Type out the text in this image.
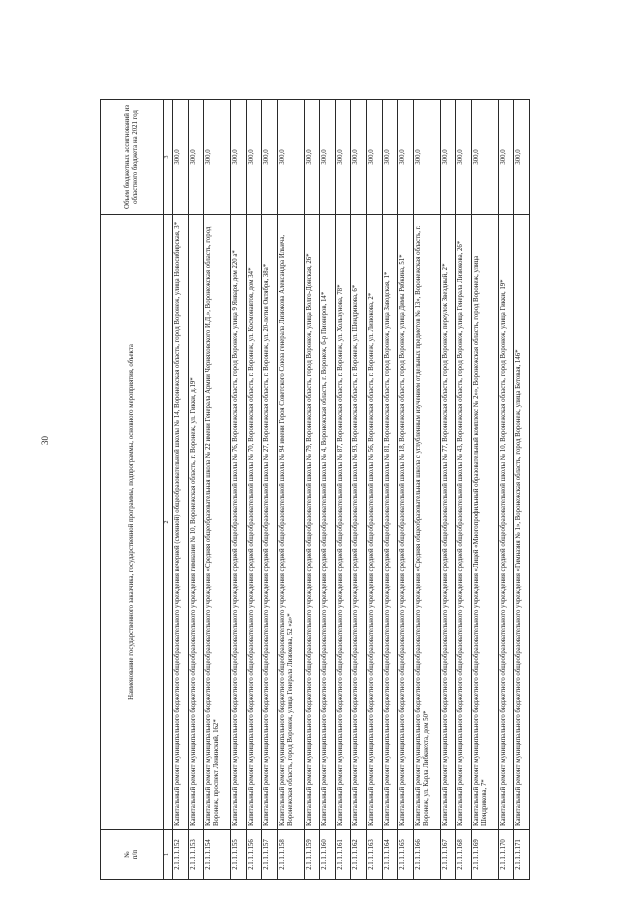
30
№
п/п	Наименование государственного заказчика, государственной программы, подпрограммы, основного мероприятия, объекта	Объем бюджетных ассигнований из областного бюджета на 2021 год
1	2	3
2.1.1.1.152	Капитальный ремонт муниципального бюджетного общеобразовательного учреждения вечерней (сменной) общеобразовательной школы № 14, Воронежская область, город Воронеж, улица Новосибирская, 3*	300,0
2.1.1.1.153	Капитальный ремонт муниципального бюджетного общеобразовательного учреждения гимназии № 10, Воронежская область, г. Воронеж, ул. Гикки, д.19*	300,0
2.1.1.1.154	Капитальный ремонт муниципального бюджетного общеобразовательного учреждения «Средняя общеобразовательная школа № 22 имени Генерала Армии Черняховского И.Д.», Воронежская область, город Воронеж, проспект Ленинский, 162*	300,0
2.1.1.1.155	Капитальный ремонт муниципального бюджетного общеобразовательного учреждения средней общеобразовательной школы № 76, Воронежская область, город Воронеж, улица 9 Января, дом 220 а*	300,0
2.1.1.1.156	Капитальный ремонт муниципального бюджетного общеобразовательного учреждения средней общеобразовательной школы № 70, Воронежская область, г. Воронеж, ул. Космонавтов, дом 34*	300,0
2.1.1.1.157	Капитальный ремонт муниципального бюджетного общеобразовательного учреждения средней общеобразовательной школы № 27, Воронежская область, г. Воронеж, ул. 20-летия Октября, 38а*	300,0
2.1.1.1.158	Капитальный ремонт муниципального бюджетного общеобразовательного учреждения средней общеобразовательной школы № 94 имени Героя Советского Союза генерала Лизюкова Александра Ильича, Воронежская область, город Воронеж, улица Генерала Лизюкова, 52 «а»*	300,0
2.1.1.1.159	Капитальный ремонт муниципального бюджетного общеобразовательного учреждения средней общеобразовательной школы № 79, Воронежская область, город Воронеж, улица Волго-Донская, 26*	300,0
2.1.1.1.160	Капитальный ремонт муниципального бюджетного общеобразовательного учреждения средней общеобразовательной школы № 4, Воронежская область, г. Воронеж, б-р Пионеров, 14*	300,0
2.1.1.1.161	Капитальный ремонт муниципального бюджетного общеобразовательного учреждения средней общеобразовательной школы № 87, Воронежская область, г. Воронеж, ул. Хользунова, 78*	300,0
2.1.1.1.162	Капитальный ремонт муниципального бюджетного общеобразовательного учреждения средней общеобразовательной школы № 93, Воронежская область, г. Воронеж, ул. Шендрикова, 6*	300,0
2.1.1.1.163	Капитальный ремонт муниципального бюджетного общеобразовательного учреждения средней общеобразовательной школы № 56, Воронежская область, г. Воронеж, ул. Лизюкова, 2*	300,0
2.1.1.1.164	Капитальный ремонт муниципального бюджетного общеобразовательного учреждения средней общеобразовательной школы № 81, Воронежская область, город Воронеж, улица Заводская, 1*	300,0
2.1.1.1.165	Капитальный ремонт муниципального бюджетного общеобразовательного учреждения средней общеобразовательной школы № 18, Воронежская область, город Воронеж, улица Димы Рябкина, 51*	300,0
2.1.1.1.166	Капитальный ремонт муниципального бюджетного общеобразовательного учреждения «Средняя общеобразовательная школа с углубленным изучением отдельных предметов № 13», Воронежская область, г. Воронеж, ул. Карла Либкнехта, дом 50*	300,0
2.1.1.1.167	Капитальный ремонт муниципального бюджетного общеобразовательного учреждения средней общеобразовательной школы № 77, Воронежская область, город Воронеж, переулок Звездный, 2*	300,0
2.1.1.1.168	Капитальный ремонт муниципального бюджетного общеобразовательного учреждения средней общеобразовательной школы № 43, Воронежская область, город Воронеж, улица Генерала Лизюкова, 26*	300,0
2.1.1.1.169	Капитальный ремонт муниципального бюджетного общеобразовательного учреждения «Лицей «Многопрофильный образовательный комплекс № 2»», Воронежская область, город Воронеж, улица Шендрикова, 7*	300,0
2.1.1.1.170	Капитальный ремонт муниципального бюджетного общеобразовательного учреждения средней общеобразовательной школы № 10, Воронежская область, город Воронеж, улица Гикки, 19*	300,0
2.1.1.1.171	Капитальный ремонт муниципального бюджетного общеобразовательного учреждения «Гимназия № 1», Воронежская область, город Воронеж, улица Бетовая, 146*	300,0
